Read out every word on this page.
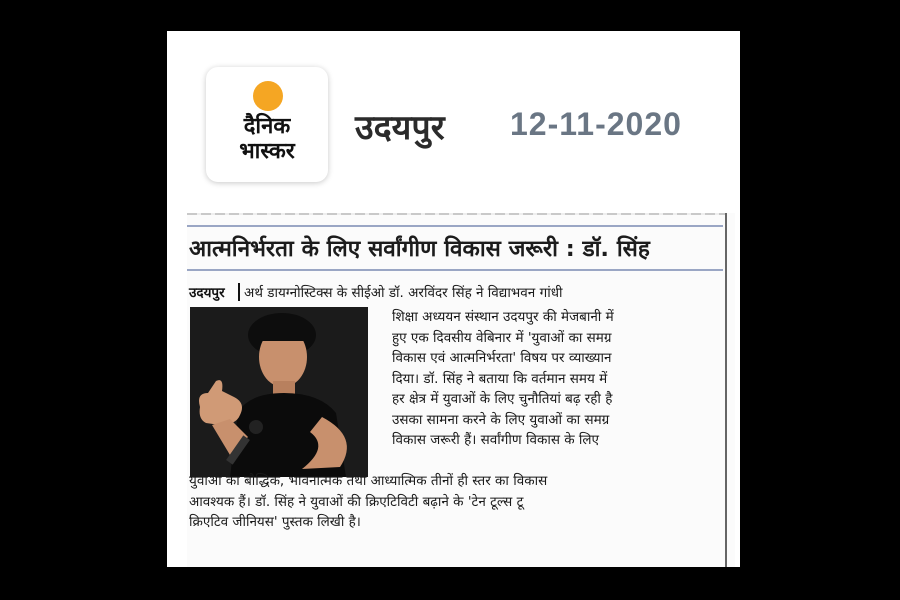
दैनिक
भास्कर
उदयपुर 12-11-2020
आत्मनिर्भरता के लिए सर्वांगीण विकास जरूरी : डॉ. सिंह
उदयपुर अर्थ डायग्नोस्टिक्स के सीईओ डॉ. अरविंदर सिंह ने विद्याभवन गांधी
शिक्षा अध्ययन संस्थान उदयपुर की मेजबानी में
हुए एक दिवसीय वेबिनार में 'युवाओं का समग्र
विकास एवं आत्मनिर्भरता' विषय पर व्याख्यान
दिया। डॉ. सिंह ने बताया कि वर्तमान समय में
हर क्षेत्र में युवाओं के लिए चुनौतियां बढ़ रही है
उसका सामना करने के लिए युवाओं का समग्र
विकास जरूरी हैं। सर्वांगीण विकास के लिए
युवाओं का बौद्धिक, भावनात्मक तथा आध्यात्मिक तीनों ही स्तर का विकास
आवश्यक हैं। डॉ. सिंह ने युवाओं की क्रिएटिविटी बढ़ाने के 'टेन टूल्स टू
क्रिएटिव जीनियस' पुस्तक लिखी है।
